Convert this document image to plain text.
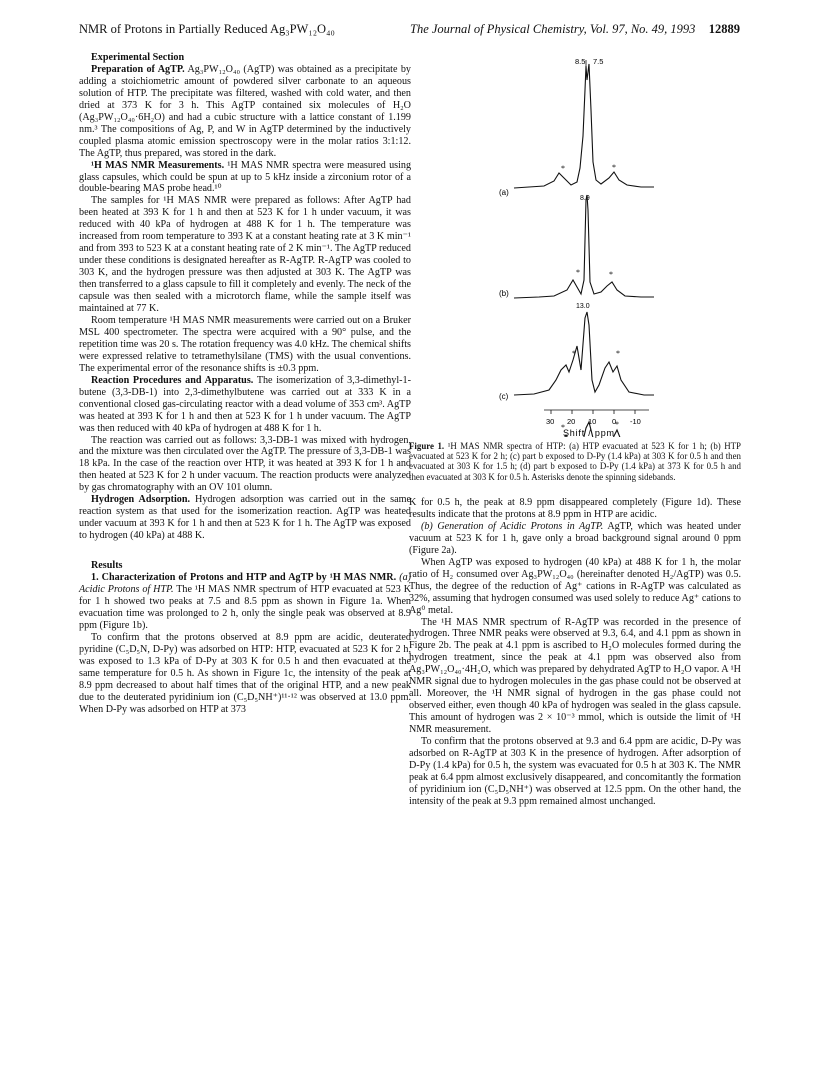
NMR of Protons in Partially Reduced Ag₃PW₁₂O₄₀	The Journal of Physical Chemistry, Vol. 97, No. 49, 1993 12889

Experimental Section

Preparation of AgTP. Ag₃PW₁₂O₄₀ (AgTP) was obtained as a precipitate by adding a stoichiometric amount of powdered silver carbonate to an aqueous solution of HTP. The precipitate was filtered, washed with cold water, and then dried at 373 K for 3 h. This AgTP contained six molecules of H₂O (Ag₃PW₁₂O₄₀·6H₂O) and had a cubic structure with a lattice constant of 1.199 nm.³ The compositions of Ag, P, and W in AgTP determined by the inductively coupled plasma atomic emission spectroscopy were in the molar ratios 3:1:12. The AgTP, thus prepared, was stored in the dark.

¹H MAS NMR Measurements. ¹H MAS NMR spectra were measured using glass capsules, which could be spun at up to 5 kHz inside a zirconium rotor of a double-bearing MAS probe head.¹⁰

The samples for ¹H MAS NMR were prepared as follows: After AgTP had been heated at 393 K for 1 h and then at 523 K for 1 h under vacuum, it was reduced with 40 kPa of hydrogen at 488 K for 1 h. The temperature was increased from room temperature to 393 K at a constant heating rate at 3 K min⁻¹ and from 393 to 523 K at a constant heating rate of 2 K min⁻¹. The AgTP reduced under these conditions is designated hereafter as R-AgTP. R-AgTP was cooled to 303 K, and the hydrogen pressure was then adjusted at 303 K. The AgTP was then transferred to a glass capsule to fill it completely and evenly. The neck of the capsule was then sealed with a microtorch flame, while the sample itself was maintained at 77 K.

Room temperature ¹H MAS NMR measurements were carried out on a Bruker MSL 400 spectrometer. The spectra were acquired with a 90° pulse, and the repetition time was 20 s. The rotation frequency was 4.0 kHz. The chemical shifts were expressed relative to tetramethylsilane (TMS) with the usual conventions. The experimental error of the resonance shifts is ±0.3 ppm.

Reaction Procedures and Apparatus. The isomerization of 3,3-dimethyl-1-butene (3,3-DB-1) into 2,3-dimethylbutene was carried out at 333 K in a conventional closed gas-circulating reactor with a dead volume of 353 cm³. AgTP was heated at 393 K for 1 h and then at 523 K for 1 h under vacuum. The AgTP was then reduced with 40 kPa of hydrogen at 488 K for 1 h.

The reaction was carried out as follows: 3,3-DB-1 was mixed with hydrogen, and the mixture was then circulated over the AgTP. The pressure of 3,3-DB-1 was 18 kPa. In the case of the reaction over HTP, it was heated at 393 K for 1 h and then heated at 523 K for 2 h under vacuum. The reaction products were analyzed by gas chromatography with an OV 101 olumn.

Hydrogen Adsorption. Hydrogen adsorption was carried out in the same reaction system as that used for the isomerization reaction. AgTP was heated under vacuum at 393 K for 1 h and then at 523 K for 1 h. The AgTP was exposed to hydrogen (40 kPa) at 488 K.

Results

1. Characterization of Protons and HTP and AgTP by ¹H MAS NMR. (a) Acidic Protons of HTP. The ¹H MAS NMR spectrum of HTP evacuated at 523 K for 1 h showed two peaks at 7.5 and 8.5 ppm as shown in Figure 1a. When evacuation time was prolonged to 2 h, only the single peak was observed at 8.9 ppm (Figure 1b).

To confirm that the protons observed at 8.9 ppm are acidic, deuterated pyridine (C₅D₅N, D-Py) was adsorbed on HTP: HTP, evacuated at 523 K for 2 h, was exposed to 1.3 kPa of D-Py at 303 K for 0.5 h and then evacuated at the same temperature for 0.5 h. As shown in Figure 1c, the intensity of the peak at 8.9 ppm decreased to about half times that of the original HTP, and a new peak due to the deuterated pyridinium ion (C₅D₅NH⁺)¹¹·¹² was observed at 13.0 ppm. When D-Py was adsorbed on HTP at 373

8.5 7.5
*	*
8.9
(a)
*	*
(b)
13.0
*	*
(c)
*	*
30 20 10 0 -10
Shift / ppm
Figure 1. ¹H MAS NMR spectra of HTP: (a) HTP evacuated at 523 K for 1 h; (b) HTP evacuated at 523 K for 2 h; (c) part b exposed to D-Py (1.4 kPa) at 303 K for 0.5 h and then evacuated at 303 K for 1.5 h; (d) part b exposed to D-Py (1.4 kPa) at 373 K for 0.5 h and then evacuated at 303 K for 0.5 h. Asterisks denote the spinning sidebands.

K for 0.5 h, the peak at 8.9 ppm disappeared completely (Figure 1d). These results indicate that the protons at 8.9 ppm in HTP are acidic.

(b) Generation of Acidic Protons in AgTP. AgTP, which was heated under vacuum at 523 K for 1 h, gave only a broad background signal around 0 ppm (Figure 2a).

When AgTP was exposed to hydrogen (40 kPa) at 488 K for 1 h, the molar ratio of H₂ consumed over Ag₃PW₁₂O₄₀ (hereinafter denoted H₂/AgTP) was 0.5. Thus, the degree of the reduction of Ag⁺ cations in R-AgTP was calculated as 32%, assuming that hydrogen consumed was used solely to reduce Ag⁺ cations to Ag⁰ metal.

The ¹H MAS NMR spectrum of R-AgTP was recorded in the presence of hydrogen. Three NMR peaks were observed at 9.3, 6.4, and 4.1 ppm as shown in Figure 2b. The peak at 4.1 ppm is ascribed to H₂O molecules formed during the hydrogen treatment, since the peak at 4.1 ppm was observed also from Ag₃PW₁₂O₄₀·4H₂O, which was prepared by dehydrated AgTP to H₂O vapor. A ¹H NMR signal due to hydrogen molecules in the gas phase could not be observed at all. Moreover, the ¹H NMR signal of hydrogen in the gas phase could not observed either, even though 40 kPa of hydrogen was sealed in the glass capsule. This amount of hydrogen was 2 × 10⁻³ mmol, which is outside the limit of ¹H NMR measurement.

To confirm that the protons observed at 9.3 and 6.4 ppm are acidic, D-Py was adsorbed on R-AgTP at 303 K in the presence of hydrogen. After adsorption of D-Py (1.4 kPa) for 0.5 h, the system was evacuated for 0.5 h at 303 K. The NMR peak at 6.4 ppm almost exclusively disappeared, and concomitantly the formation of pyridinium ion (C₅D₅NH⁺) was observed at 12.5 ppm. On the other hand, the intensity of the peak at 9.3 ppm remained almost unchanged.
